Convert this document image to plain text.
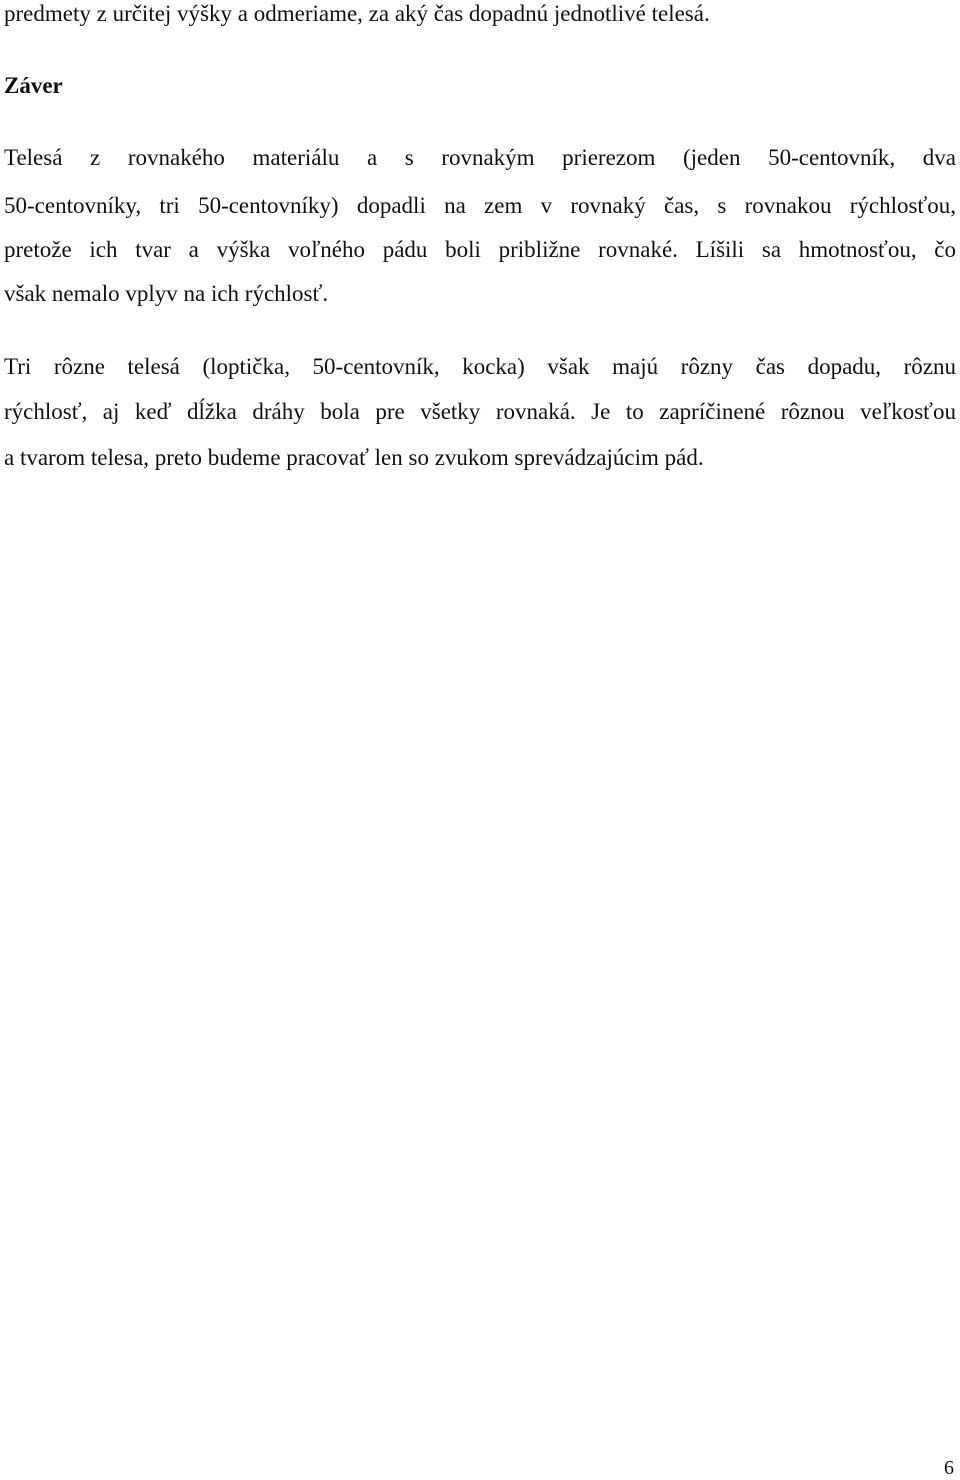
predmety z určitej výšky a odmeriame, za aký čas dopadnú jednotlivé telesá.

Záver

Telesá z rovnakého materiálu a s rovnakým prierezom (jeden 50-centovník, dva

50-centovníky, tri 50-centovníky) dopadli na zem v rovnaký čas, s rovnakou rýchlosťou,

pretože ich tvar a výška voľného pádu boli približne rovnaké. Líšili sa hmotnosťou, čo

však nemalo vplyv na ich rýchlosť.

Tri rôzne telesá (loptička, 50-centovník, kocka) však majú rôzny čas dopadu, rôznu

rýchlosť, aj keď dĺžka dráhy bola pre všetky rovnaká. Je to zapríčinené rôznou veľkosťou

a tvarom telesa, preto budeme pracovať len so zvukom sprevádzajúcim pád.

6
